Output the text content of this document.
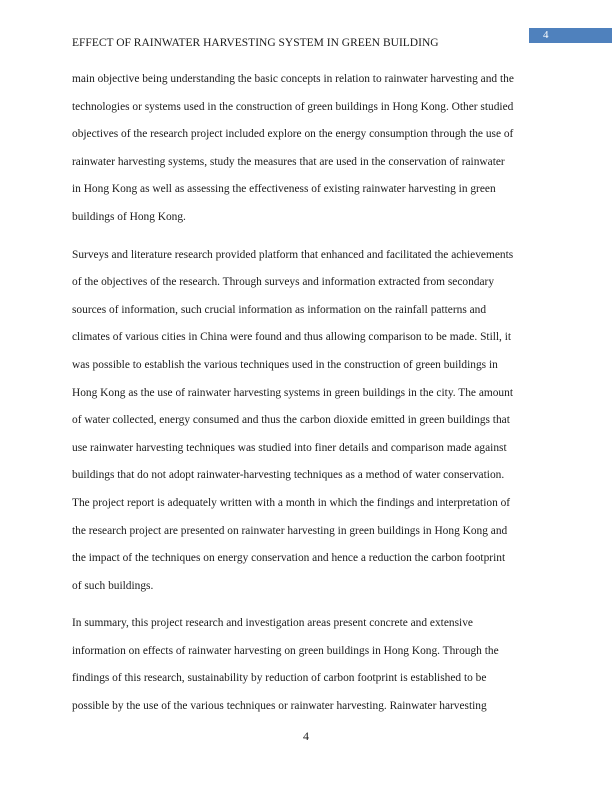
4
EFFECT OF RAINWATER HARVESTING SYSTEM IN GREEN BUILDING
main objective being understanding the basic concepts in relation to rainwater harvesting and the
technologies or systems used in the construction of green buildings in Hong Kong. Other studied
objectives of the research project included explore on the energy consumption through the use of
rainwater harvesting systems, study the measures that are used in the conservation of rainwater
in Hong Kong as well as assessing the effectiveness of existing rainwater harvesting in green
buildings of Hong Kong.
Surveys and literature research provided platform that enhanced and facilitated the achievements
of the objectives of the research. Through surveys and information extracted from secondary
sources of information, such crucial information as information on the rainfall patterns and
climates of various cities in China were found and thus allowing comparison to be made. Still, it
was possible to establish the various techniques used in the construction of green buildings in
Hong Kong as the use of rainwater harvesting systems in green buildings in the city. The amount
of water collected, energy consumed and thus the carbon dioxide emitted in green buildings that
use rainwater harvesting techniques was studied into finer details and comparison made against
buildings that do not adopt rainwater-harvesting techniques as a method of water conservation.
The project report is adequately written with a month in which the findings and interpretation of
the research project are presented on rainwater harvesting in green buildings in Hong Kong and
the impact of the techniques on energy conservation and hence a reduction the carbon footprint
of such buildings.
In summary, this project research and investigation areas present concrete and extensive
information on effects of rainwater harvesting on green buildings in Hong Kong. Through the
findings of this research, sustainability by reduction of carbon footprint is established to be
possible by the use of the various techniques or rainwater harvesting. Rainwater harvesting
4
